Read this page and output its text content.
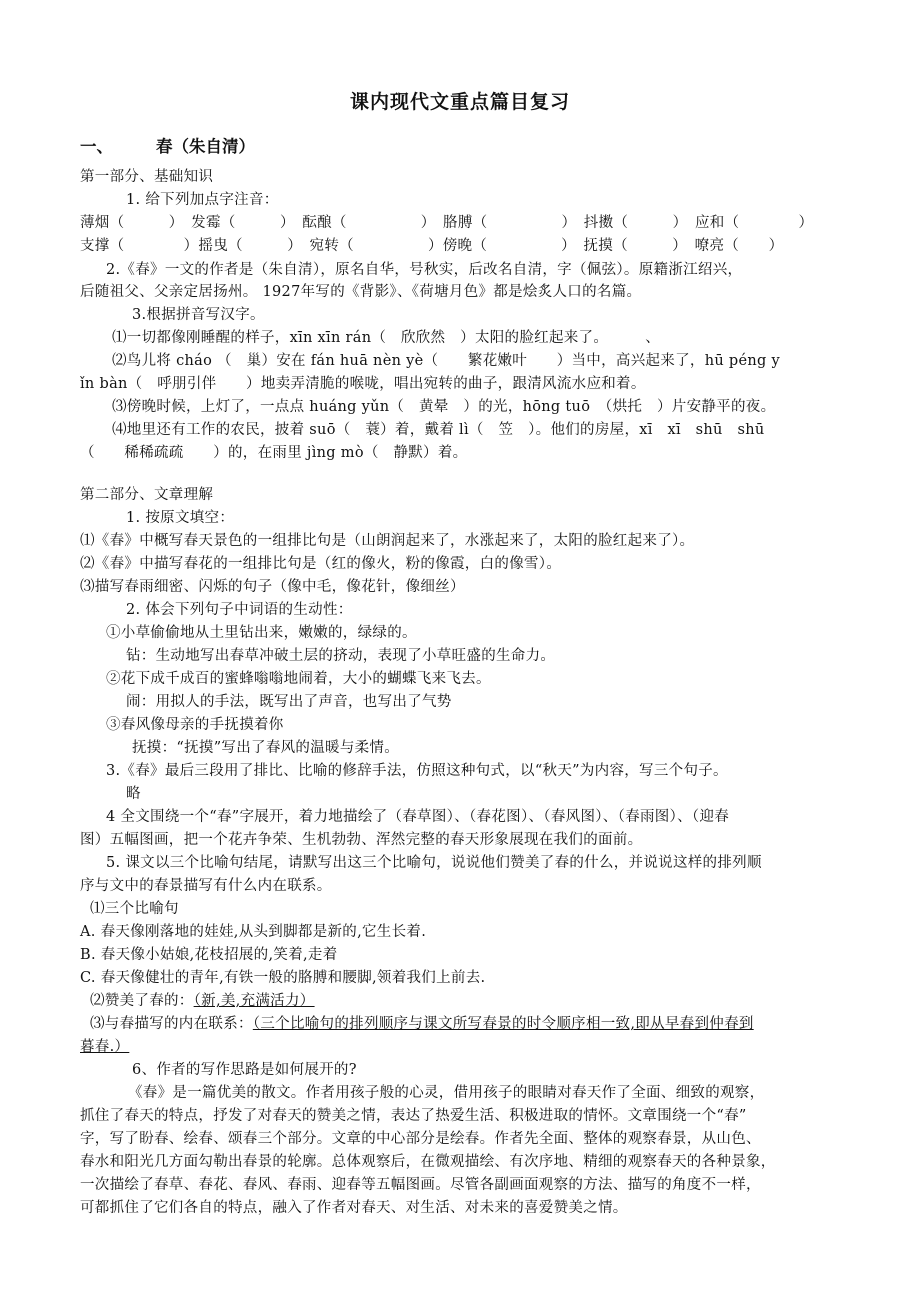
课内现代文重点篇目复习
一、	春（朱自清）
第一部分、基础知识
1. 给下列加点字注音：
薄烟（　　　）　发霉（　　　）　酝酿（　　　　　）　胳膊（　　　　　）　抖擞（　　　）　应和（　　　　）
支撑（　　　　）摇曳（　　　）　宛转（　　　　　）傍晚（　　　　　）　抚摸（　　　）　嘹亮（　　）
2.《春》一文的作者是（朱自清），原名自华，号秋实，后改名自清，字（佩弦）。原籍浙江绍兴，
后随祖父、父亲定居扬州。 1927年写的《背影》、《荷塘月色》都是烩炙人口的名篇。
3.根据拼音写汉字。
⑴一切都像刚睡醒的样子，xīn xīn rán（　欣欣然　）太阳的脸红起来了。　　　、
⑵鸟儿将 cháo （　巢）安在 fán huā nèn yè（　　繁花嫩叶　　）当中，高兴起来了，hū péng y
ǐn bàn（　呼朋引伴　　）地卖弄清脆的喉咙，唱出宛转的曲子，跟清风流水应和着。
⑶傍晚时候，上灯了，一点点 huáng yǔn（　黄晕　）的光，hōng tuō　（烘托　）片安静平的夜。
⑷地里还有工作的农民，披着 suō（　蓑）着，戴着 lì（　笠　）。他们的房屋，xī　xī　shū　shū
（　　稀稀疏疏　　）的，在雨里 jìng mò（　静默）着。
第二部分、文章理解
1. 按原文填空：
⑴《春》中概写春天景色的一组排比句是（山朗润起来了，水涨起来了，太阳的脸红起来了）。
⑵《春》中描写春花的一组排比句是（红的像火，粉的像霞，白的像雪）。
⑶描写春雨细密、闪烁的句子（像中毛，像花针，像细丝）
2. 体会下列句子中词语的生动性：
①小草偷偷地从土里钻出来，嫩嫩的，绿绿的。
钻：生动地写出春草冲破土层的挤动，表现了小草旺盛的生命力。
②花下成千成百的蜜蜂嗡嗡地闹着，大小的蝴蝶飞来飞去。
闹：用拟人的手法，既写出了声音，也写出了气势
③春风像母亲的手抚摸着你
抚摸：“抚摸”写出了春风的温暖与柔情。
3.《春》最后三段用了排比、比喻的修辞手法，仿照这种句式，以“秋天”为内容，写三个句子。
略
4 全文围绕一个“春”字展开，着力地描绘了（春草图）、（春花图）、（春风图）、（春雨图）、（迎春
图）五幅图画，把一个花卉争荣、生机勃勃、浑然完整的春天形象展现在我们的面前。
5. 课文以三个比喻句结尾，请默写出这三个比喻句，说说他们赞美了春的什么，并说说这样的排列顺
序与文中的春景描写有什么内在联系。
⑴三个比喻句
A. 春天像刚落地的娃娃,从头到脚都是新的,它生长着.
B. 春天像小姑娘,花枝招展的,笑着,走着
C. 春天像健壮的青年,有铁一般的胳膊和腰脚,领着我们上前去.
⑵赞美了春的：（新,美,充满活力）
⑶与春描写的内在联系：（三个比喻句的排列顺序与课文所写春景的时令顺序相一致,即从早春到仲春到
暮春.）
6、作者的写作思路是如何展开的?
《春》是一篇优美的散文。作者用孩子般的心灵，借用孩子的眼睛对春天作了全面、细致的观察，
抓住了春天的特点，抒发了对春天的赞美之情，表达了热爱生活、积极进取的情怀。文章围绕一个“春”
字，写了盼春、绘春、颂春三个部分。文章的中心部分是绘春。作者先全面、整体的观察春景，从山色、
春水和阳光几方面勾勒出春景的轮廓。总体观察后，在微观描绘、有次序地、精细的观察春天的各种景象，
一次描绘了春草、春花、春风、春雨、迎春等五幅图画。尽管各副画面观察的方法、描写的角度不一样，
可都抓住了它们各自的特点，融入了作者对春天、对生活、对未来的喜爱赞美之情。
